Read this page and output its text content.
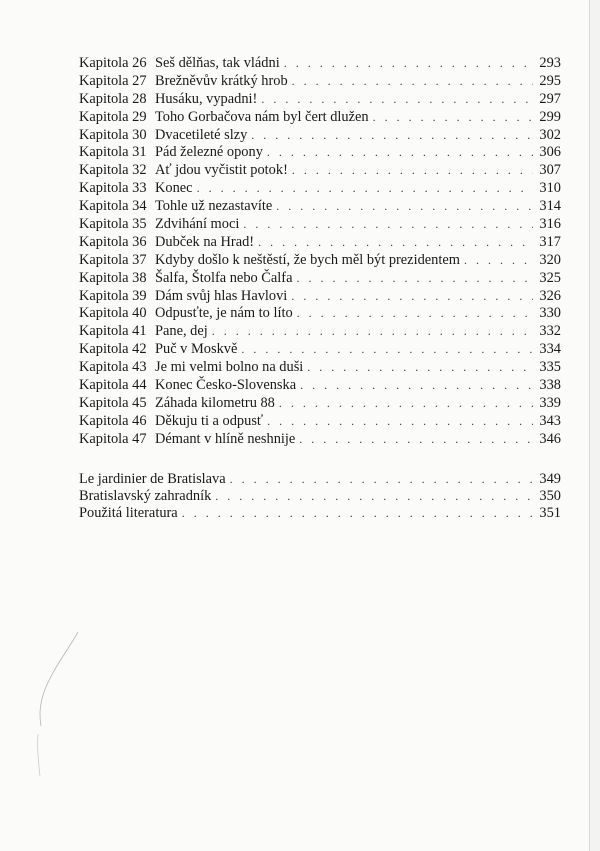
Kapitola 26 Seš dělňas, tak vládni . . .	293
Kapitola 27 Brežněvův krátký hrob . . .	295
Kapitola 28 Husáku, vypadni! . . .	297
Kapitola 29 Toho Gorbačova nám byl čert dlužen . . .	299
Kapitola 30 Dvacetileté slzy . . .	302
Kapitola 31 Pád železné opony . . .	306
Kapitola 32 Ať jdou vyčistit potok! . . .	307
Kapitola 33 Konec . . .	310
Kapitola 34 Tohle už nezastavíte . . .	314
Kapitola 35 Zdvihání moci . . .	316
Kapitola 36 Dubček na Hrad! . . .	317
Kapitola 37 Kdyby došlo k neštěstí, že bych měl být prezidentem . . .	320
Kapitola 38 Šalfa, Štolfa nebo Čalfa . . .	325
Kapitola 39 Dám svůj hlas Havlovi . . .	326
Kapitola 40 Odpusťte, je nám to líto . . .	330
Kapitola 41 Pane, dej . . .	332
Kapitola 42 Puč v Moskvě . . .	334
Kapitola 43 Je mi velmi bolno na duši . . .	335
Kapitola 44 Konec Česko-Slovenska . . .	338
Kapitola 45 Záhada kilometru 88 . . .	339
Kapitola 46 Děkuju ti a odpusť . . .	343
Kapitola 47 Démant v hlíně neshnije . . .	346
Le jardinier de Bratislava . . .	349
Bratislavský zahradník . . .	350
Použitá literatura . . .	351
